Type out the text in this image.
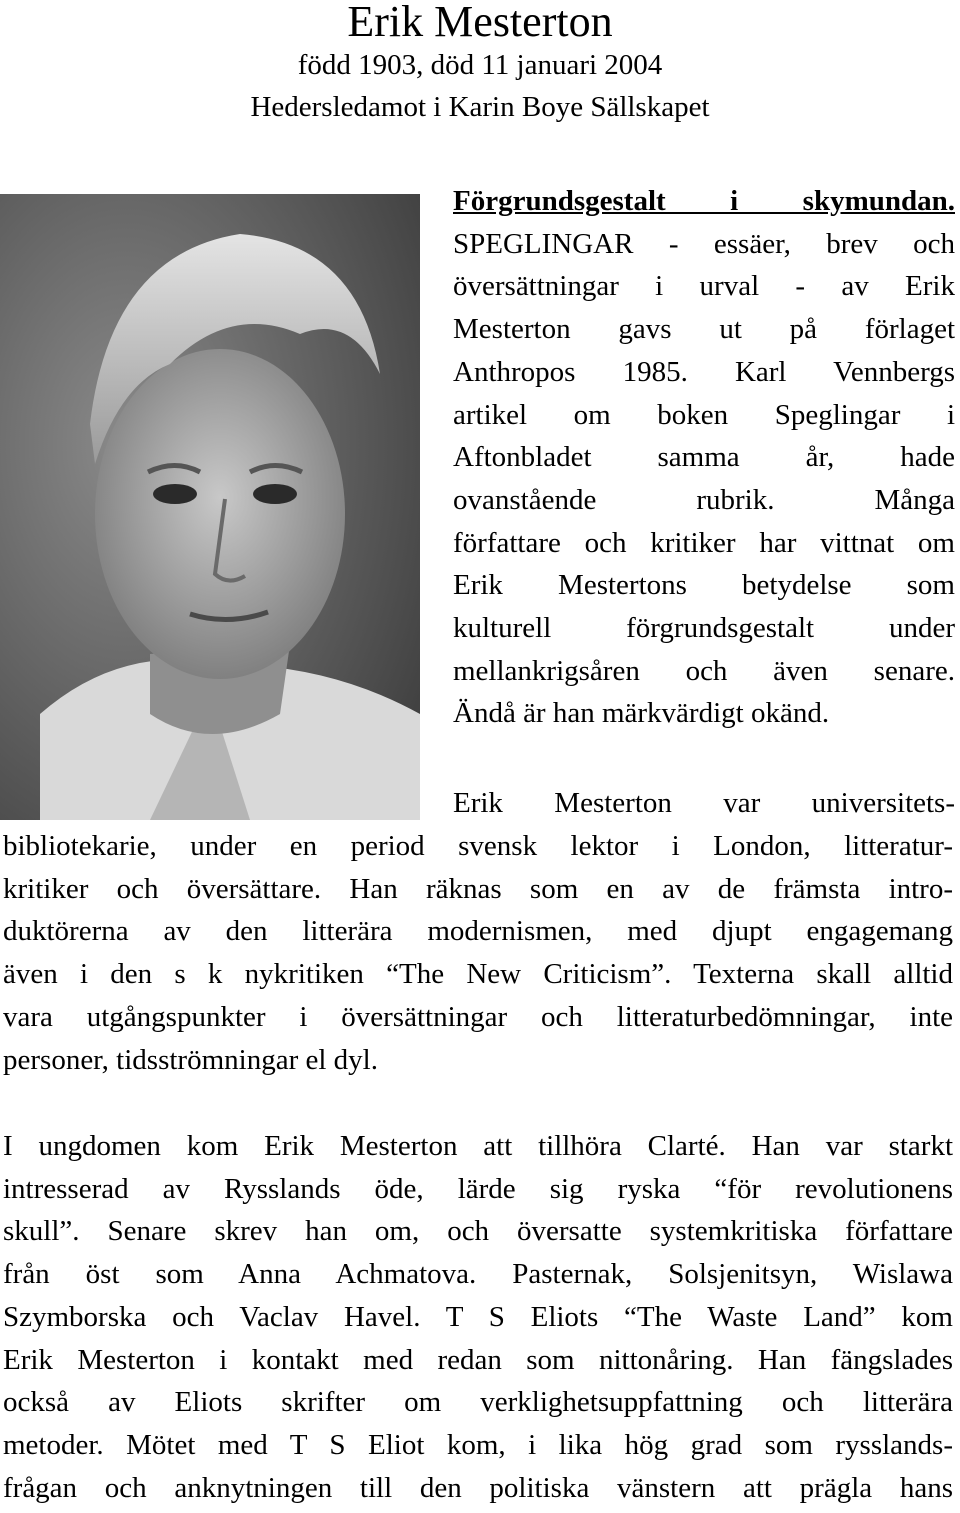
Erik Mesterton
född 1903, död 11 januari 2004
Hedersledamot i Karin Boye Sällskapet
Förgrundsgestalt i skymundan.
SPEGLINGAR - essäer, brev och
översättningar i urval - av Erik
Mesterton gavs ut på förlaget
Anthropos 1985. Karl Vennbergs
artikel om boken Speglingar i
Aftonbladet samma år, hade
ovanstående rubrik. Många
författare och kritiker har vittnat om
Erik Mestertons betydelse som
kulturell förgrundsgestalt under
mellankrigsåren och även senare.
Ändå är han märkvärdigt okänd.
Erik Mesterton var universitets-
bibliotekarie, under en period svensk lektor i London, litteratur-
kritiker och översättare. Han räknas som en av de främsta intro-
duktörerna av den litterära modernismen, med djupt engagemang
även i den s k nykritiken “The New Criticism”. Texterna skall alltid
vara utgångspunkter i översättningar och litteraturbedömningar, inte
personer, tidsströmningar el dyl.
I ungdomen kom Erik Mesterton att tillhöra Clarté. Han var starkt
intresserad av Rysslands öde, lärde sig ryska “för revolutionens
skull”. Senare skrev han om, och översatte systemkritiska författare
från öst som Anna Achmatova. Pasternak, Solsjenitsyn, Wislawa
Szymborska och Vaclav Havel. T S Eliots “The Waste Land” kom
Erik Mesterton i kontakt med redan som nittonåring. Han fängslades
också av Eliots skrifter om verklighetsuppfattning och litterära
metoder. Mötet med T S Eliot kom, i lika hög grad som rysslands-
frågan och anknytningen till den politiska vänstern att prägla hans
